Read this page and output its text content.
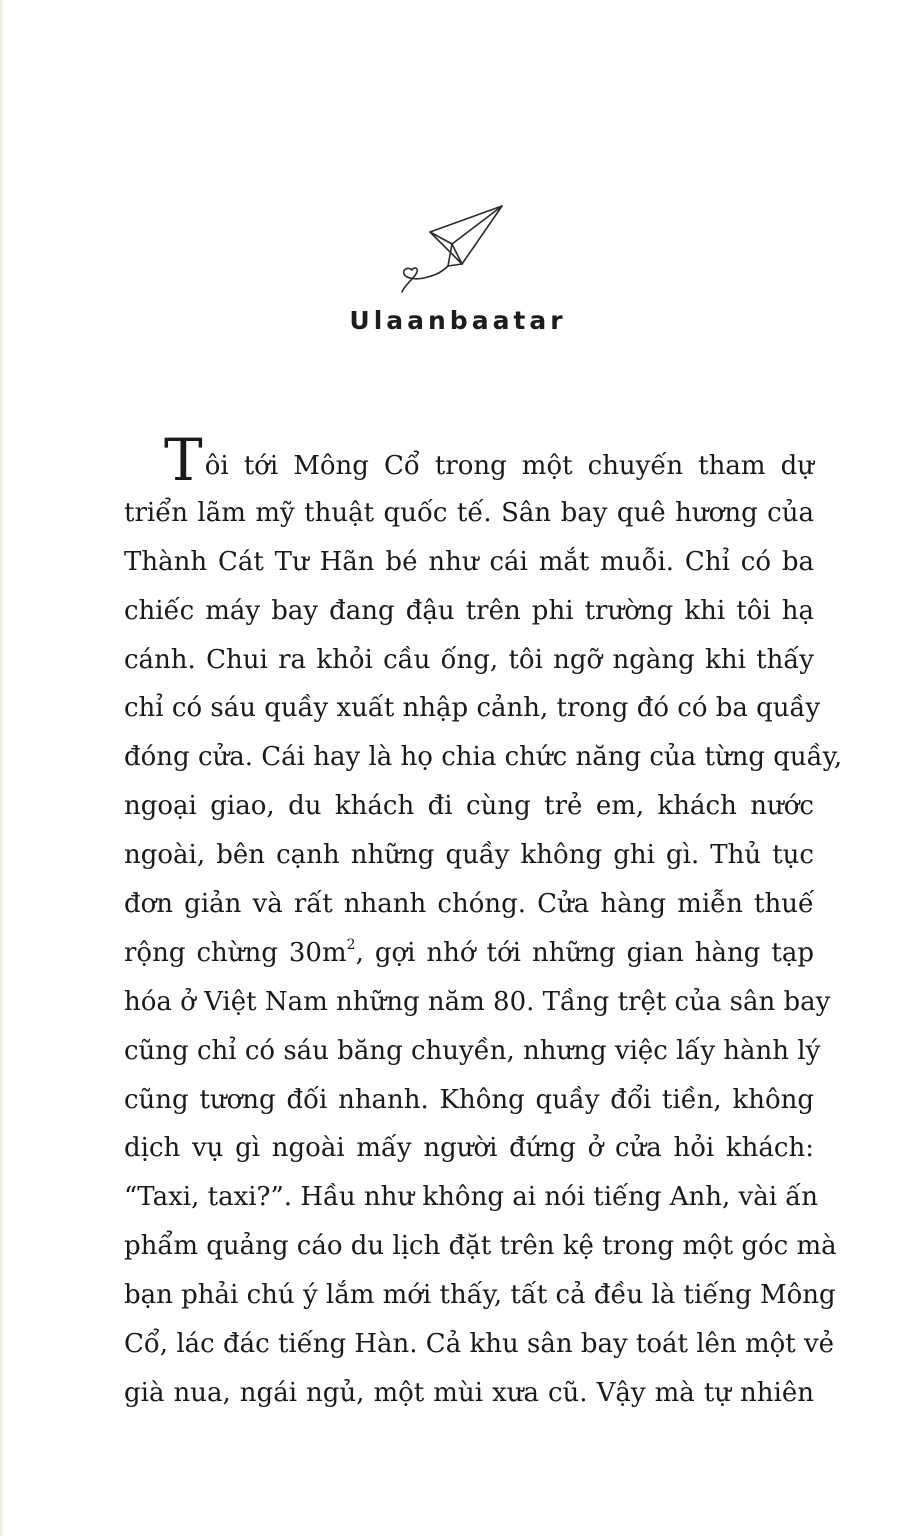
Ulaanbaatar
Tôi tới Mông Cổ trong một chuyến tham dự
triển lãm mỹ thuật quốc tế. Sân bay quê hương của
Thành Cát Tư Hãn bé như cái mắt muỗi. Chỉ có ba
chiếc máy bay đang đậu trên phi trường khi tôi hạ
cánh. Chui ra khỏi cầu ống, tôi ngỡ ngàng khi thấy
chỉ có sáu quầy xuất nhập cảnh, trong đó có ba quầy
đóng cửa. Cái hay là họ chia chức năng của từng quầy,
ngoại giao, du khách đi cùng trẻ em, khách nước
ngoài, bên cạnh những quầy không ghi gì. Thủ tục
đơn giản và rất nhanh chóng. Cửa hàng miễn thuế
rộng chừng $30m^2$, gợi nhớ tới những gian hàng tạp
hóa ở Việt Nam những năm 80. Tầng trệt của sân bay
cũng chỉ có sáu băng chuyền, nhưng việc lấy hành lý
cũng tương đối nhanh. Không quầy đổi tiền, không
dịch vụ gì ngoài mấy người đứng ở cửa hỏi khách:
“Taxi, taxi?”. Hầu như không ai nói tiếng Anh, vài ấn
phẩm quảng cáo du lịch đặt trên kệ trong một góc mà
bạn phải chú ý lắm mới thấy, tất cả đều là tiếng Mông
Cổ, lác đác tiếng Hàn. Cả khu sân bay toát lên một vẻ
già nua, ngái ngủ, một mùi xưa cũ. Vậy mà tự nhiên
